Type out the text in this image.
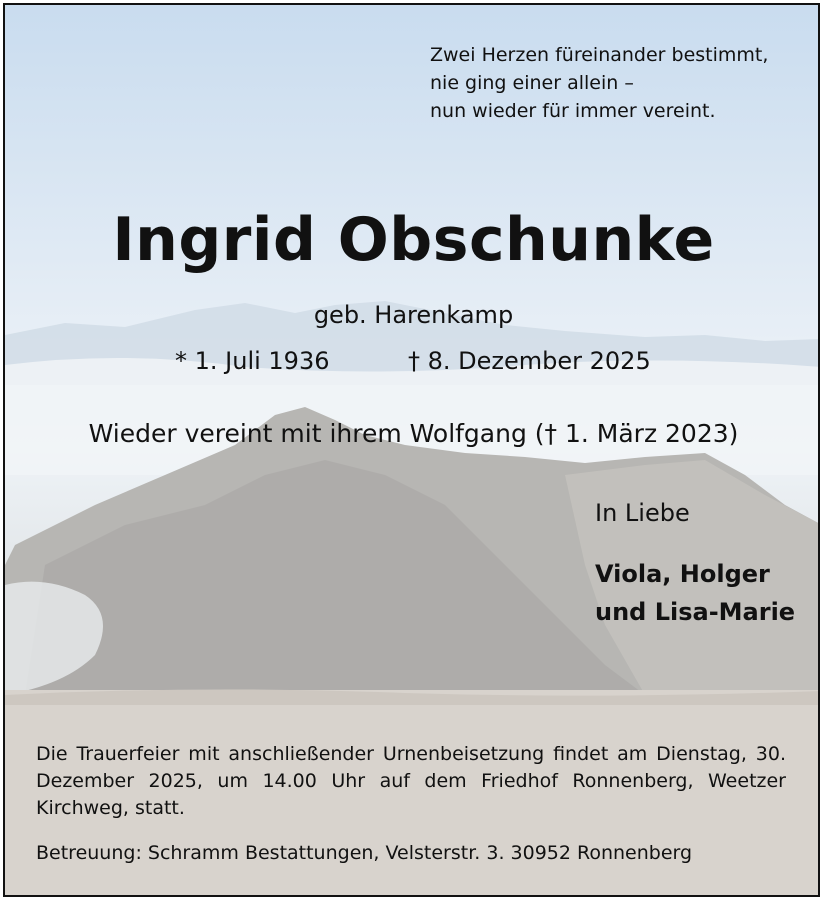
Zwei Herzen füreinander bestimmt,
nie ging einer allein –
nun wieder für immer vereint.
Ingrid Obschunke
geb. Harenkamp
* 1. Juli 1936	† 8. Dezember 2025
Wieder vereint mit ihrem Wolfgang († 1. März 2023)
In Liebe
Viola, Holger
und Lisa-Marie
Die Trauerfeier mit anschließender Urnenbeisetzung findet am Dienstag, 30. Dezember 2025, um 14.00 Uhr auf dem Friedhof Ronnenberg, Weetzer Kirchweg, statt.
Betreuung: Schramm Bestattungen, Velsterstr. 3. 30952 Ronnenberg
